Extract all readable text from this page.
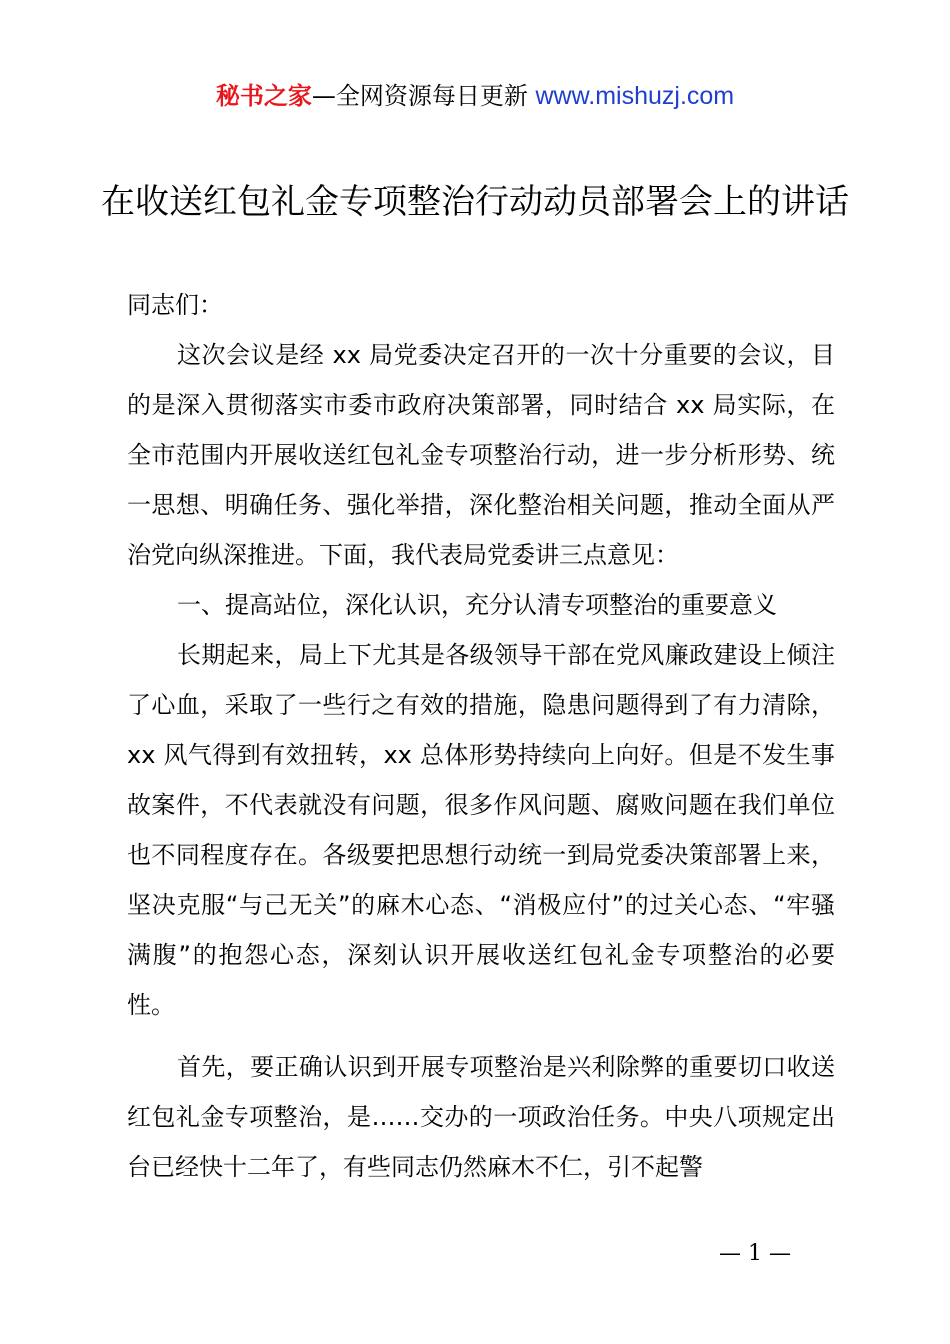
秘书之家—全网资源每日更新 www.mishuzj.com
在收送红包礼金专项整治行动动员部署会上的讲话

同志们：

这次会议是经 xx 局党委决定召开的一次十分重要的会议，目的是深入贯彻落实市委市政府决策部署，同时结合 xx 局实际，在全市范围内开展收送红包礼金专项整治行动，进一步分析形势、统一思想、明确任务、强化举措，深化整治相关问题，推动全面从严治党向纵深推进。下面，我代表局党委讲三点意见：

一、提高站位，深化认识，充分认清专项整治的重要意义

长期起来，局上下尤其是各级领导干部在党风廉政建设上倾注了心血，采取了一些行之有效的措施，隐患问题得到了有力清除，xx 风气得到有效扭转，xx 总体形势持续向上向好。但是不发生事故案件，不代表就没有问题，很多作风问题、腐败问题在我们单位也不同程度存在。各级要把思想行动统一到局党委决策部署上来，坚决克服“与己无关”的麻木心态、“消极应付”的过关心态、“牢骚满腹”的抱怨心态，深刻认识开展收送红包礼金专项整治的必要性。

首先，要正确认识到开展专项整治是兴利除弊的重要切口收送红包礼金专项整治，是……交办的一项政治任务。中央八项规定出台已经快十二年了，有些同志仍然麻木不仁，引不起警

— 1 —
